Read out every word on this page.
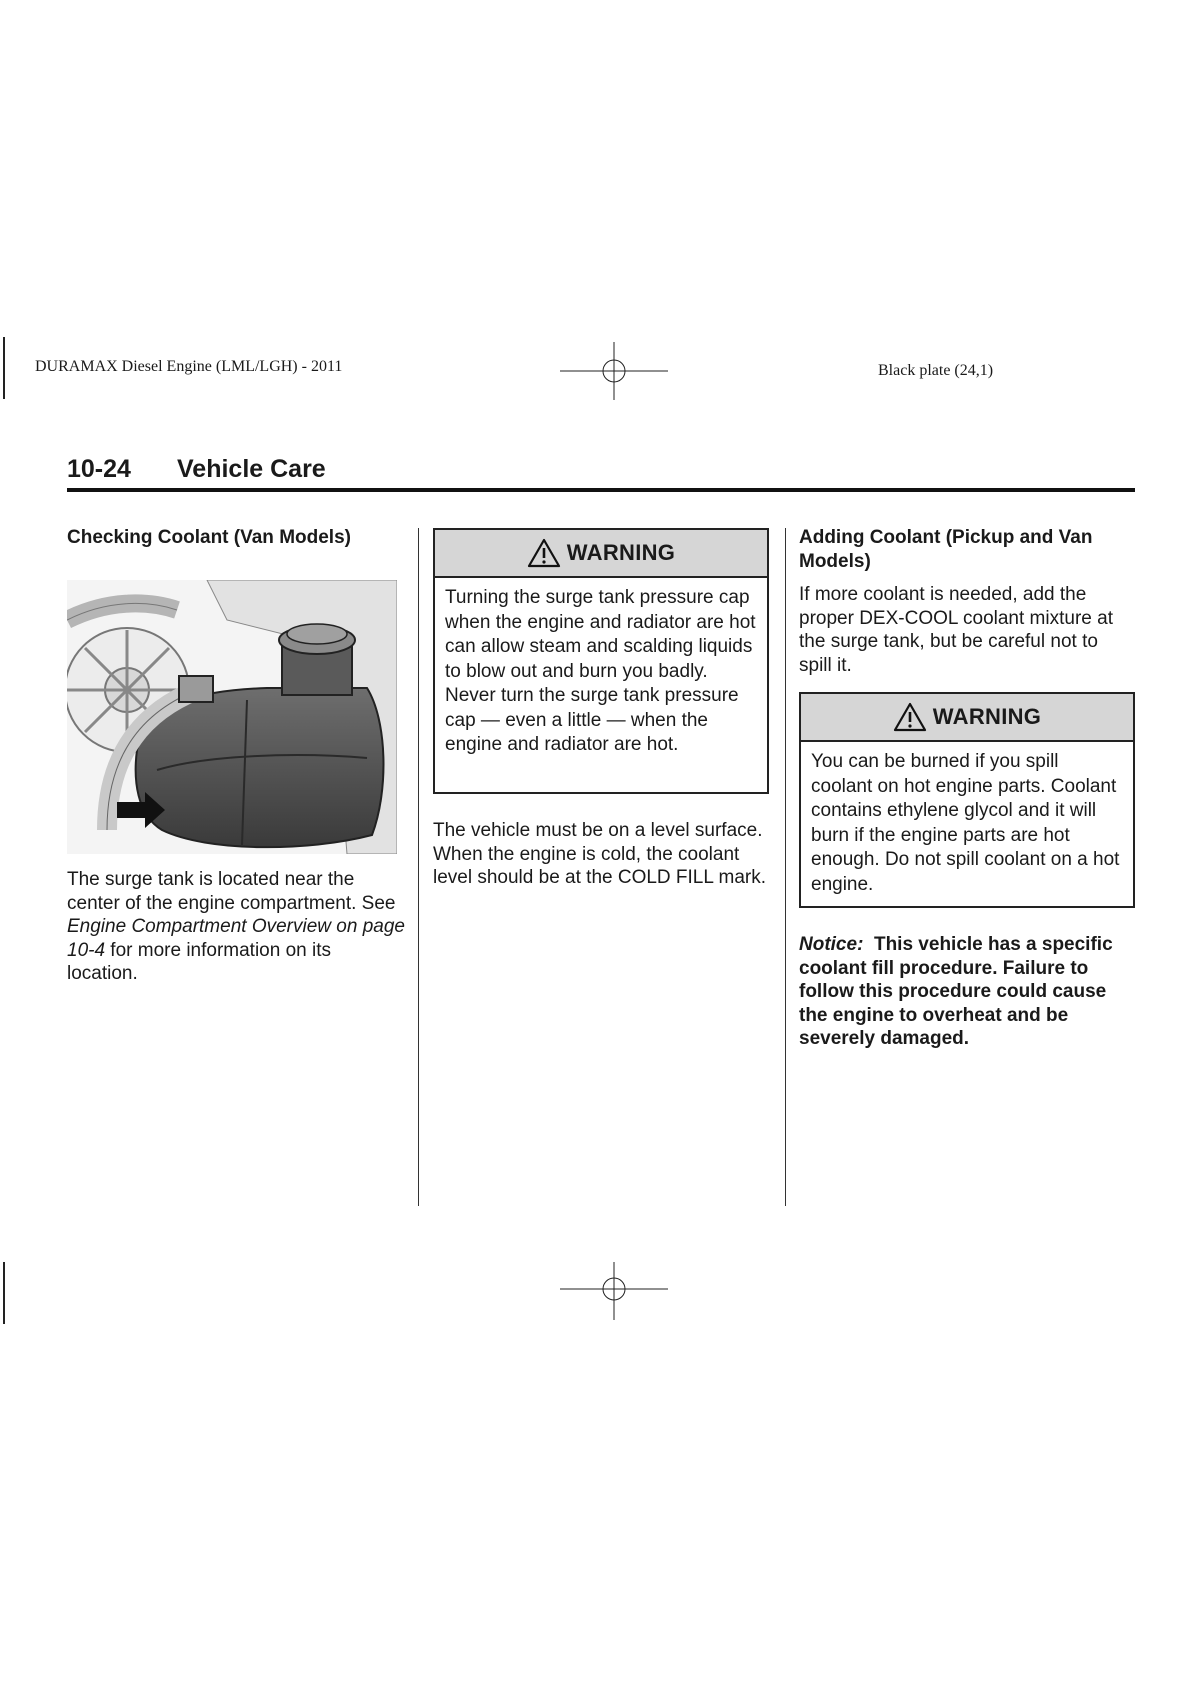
DURAMAX Diesel Engine (LML/LGH) - 2011	Black plate (24,1)
10-24 Vehicle Care
Checking Coolant (Van Models)
The surge tank is located near the center of the engine compartment. See Engine Compartment Overview on page 10-4 for more information on its location.
WARNING
Turning the surge tank pressure cap when the engine and radiator are hot can allow steam and scalding liquids to blow out and burn you badly. Never turn the surge tank pressure cap — even a little — when the engine and radiator are hot.
The vehicle must be on a level surface. When the engine is cold, the coolant level should be at the COLD FILL mark.
Adding Coolant (Pickup and Van Models)
If more coolant is needed, add the proper DEX-COOL coolant mixture at the surge tank, but be careful not to spill it.
WARNING
You can be burned if you spill coolant on hot engine parts. Coolant contains ethylene glycol and it will burn if the engine parts are hot enough. Do not spill coolant on a hot engine.
Notice: This vehicle has a specific coolant fill procedure. Failure to follow this procedure could cause the engine to overheat and be severely damaged.
